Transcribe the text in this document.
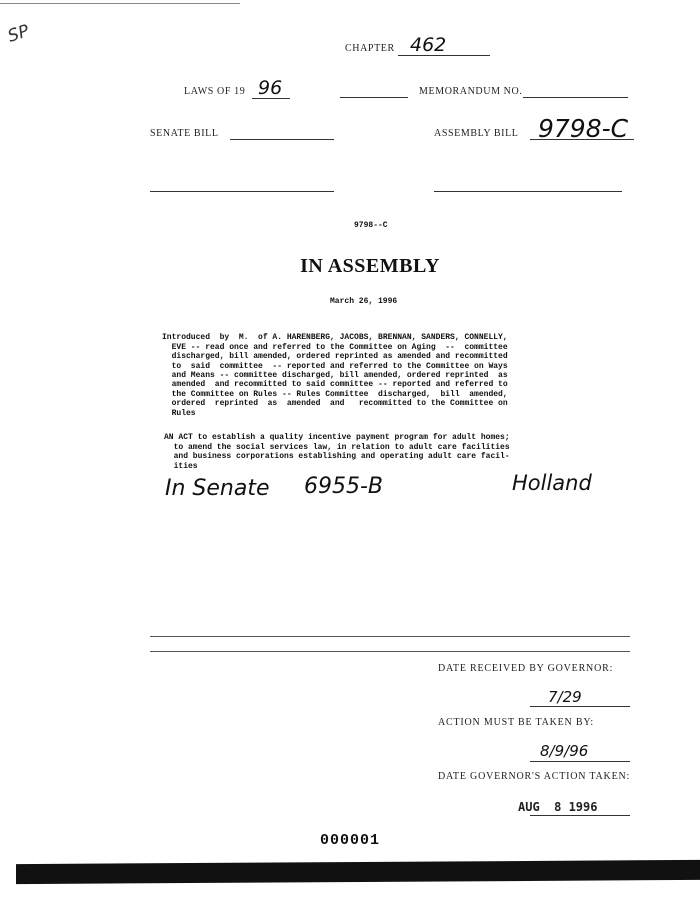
SP
CHAPTER 462
LAWS OF 19 96	MEMORANDUM NO.
SENATE BILL	ASSEMBLY BILL 9798-C
9798--C
IN ASSEMBLY
March 26, 1996

Introduced  by  M.  of A. HARENBERG, JACOBS, BRENNAN, SANDERS, CONNELLY,
EVE -- read once and referred to the Committee on Aging  --  committee
discharged, bill amended, ordered reprinted as amended and recommitted
to  said  committee  -- reported and referred to the Committee on Ways
and Means -- committee discharged, bill amended, ordered reprinted  as
amended  and recommitted to said committee -- reported and referred to
the Committee on Rules -- Rules Committee  discharged,  bill  amended,
ordered  reprinted  as  amended  and   recommitted to the Committee on
Rules

AN ACT to establish a quality incentive payment program for adult homes;
to amend the social services law, in relation to adult care facilities
and business corporations establishing and operating adult care facil-
ities

In Senate 6955-B	Holland
DATE RECEIVED BY GOVERNOR:
7/29
ACTION MUST BE TAKEN BY:
8/9/96
DATE GOVERNOR'S ACTION TAKEN:
AUG  8 1996
000001
